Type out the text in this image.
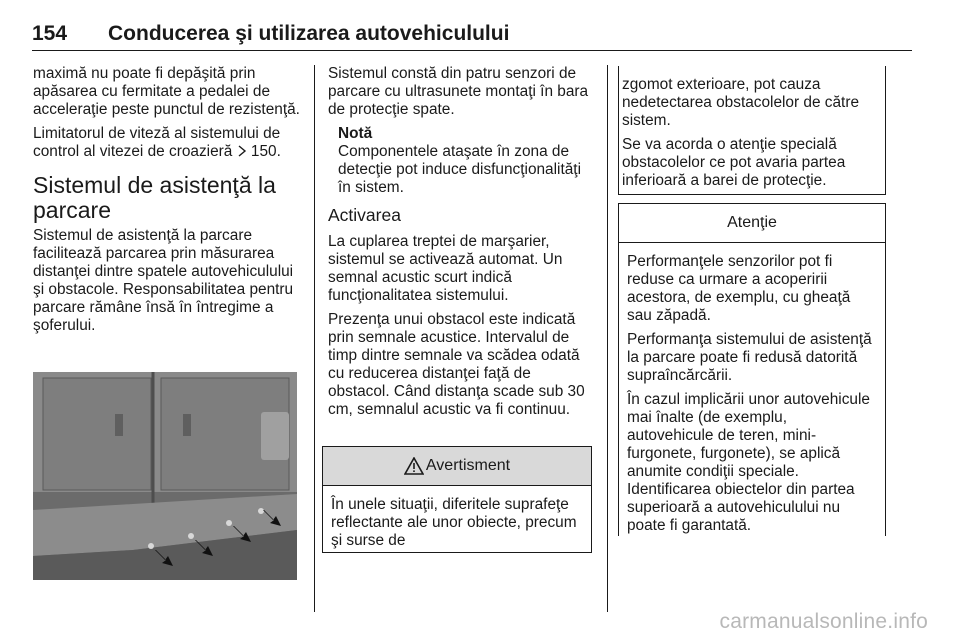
154 Conducerea şi utilizarea autovehiculului

maximă nu poate fi depăşită prin apăsarea cu fermitate a pedalei de acceleraţie peste punctul de rezistenţă.

Limitatorul de viteză al sistemului de control al vitezei de croazieră  150.

Sistemul de asistenţă la parcare

Sistemul de asistenţă la parcare facilitează parcarea prin măsurarea distanţei dintre spatele autovehiculului şi obstacole. Responsabilitatea pentru parcare rămâne însă în întregime a şoferului.

Sistemul constă din patru senzori de parcare cu ultrasunete montaţi în bara de protecţie spate.

Notă
Componentele ataşate în zona de detecţie pot induce disfuncţionalităţi în sistem.
Activarea

La cuplarea treptei de marşarier, sistemul se activează automat. Un semnal acustic scurt indică funcţionalitatea sistemului.

Prezenţa unui obstacol este indicată prin semnale acustice. Intervalul de timp dintre semnale va scădea odată cu reducerea distanţei faţă de obstacol. Când distanţa scade sub 30 cm, semnalul acustic va fi continuu.

Avertisment

În unele situaţii, diferitele suprafeţe reflectante ale unor obiecte, precum şi surse de

zgomot exterioare, pot cauza nedetectarea obstacolelor de către sistem.

Se va acorda o atenţie specială obstacolelor ce pot avaria partea inferioară a barei de protecţie.

Atenţie

Performanţele senzorilor pot fi reduse ca urmare a acoperirii acestora, de exemplu, cu gheaţă sau zăpadă.

Performanţa sistemului de asistenţă la parcare poate fi redusă datorită supraîncărcării.

În cazul implicării unor autovehicule mai înalte (de exemplu, autovehicule de teren, mini-furgonete, furgonete), se aplică anumite condiţii speciale. Identificarea obiectelor din partea superioară a autovehiculului nu poate fi garantată.

carmanualsonline.info
